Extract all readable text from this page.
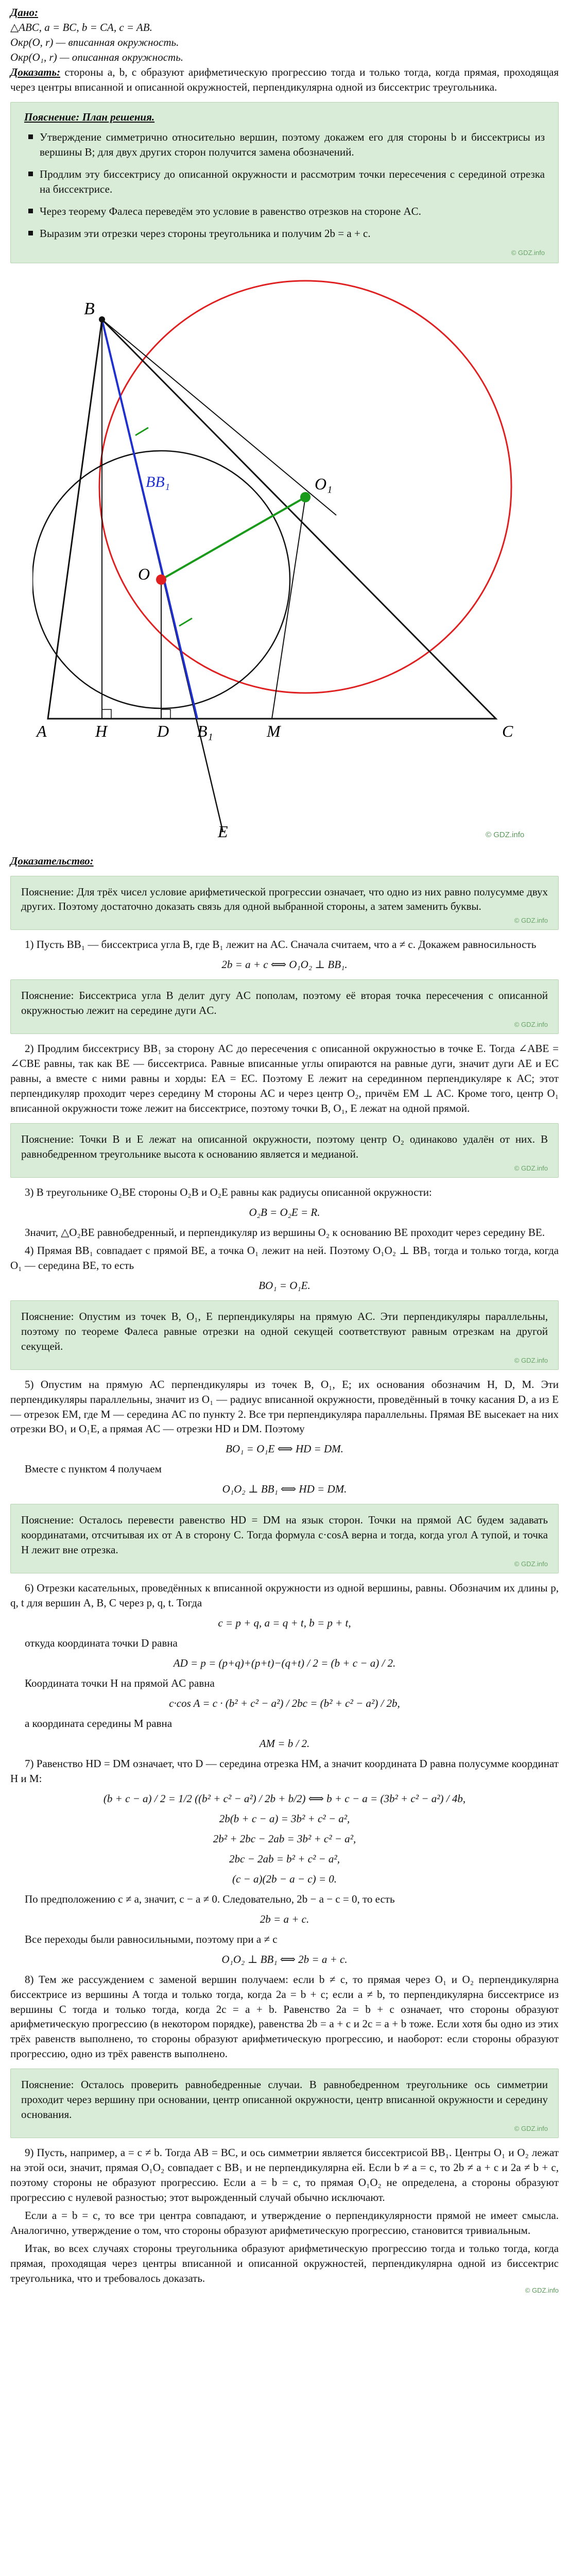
Дано:

△ABC, a = BC, b = CA, c = AB.

Окр(O, r) — вписанная окружность.

Окр(O₁, r) — описанная окружность.

Доказать: стороны a, b, c образуют арифметическую прогрессию тогда и только тогда, когда прямая, проходящая через центры вписанной и описанной окружностей, перпендикулярна одной из биссектрис треугольника.

Пояснение: План решения.
Утверждение симметрично относительно вершин, поэтому докажем его для стороны b и биссектрисы из вершины B; для двух других сторон получится замена обозначений.
Продлим эту биссектрису до описанной окружности и рассмотрим точки пересечения с серединой отрезка на биссектрисе.
Через теорему Фалеса переведём это условие в равенство отрезков на стороне AC.
Выразим эти отрезки через стороны треугольника и получим 2b = a + c.
© GDZ.info
B
O₁
O
BB₁
A	H	D B₁	M	C
E	© GDZ.info

Доказательство:

Пояснение: Для трёх чисел условие арифметической прогрессии означает, что одно из них равно полусумме двух других. Поэтому достаточно доказать связь для одной выбранной стороны, а затем заменить буквы.

© GDZ.info

1) Пусть BB₁ — биссектриса угла B, где B₁ лежит на AC. Сначала считаем, что a ≠ c. Докажем равносильность

2b = a + c ⟺ O₁O₂ ⊥ BB₁.

Пояснение: Биссектриса угла B делит дугу AC пополам, поэтому её вторая точка пересечения с описанной окружностью лежит на середине дуги AC.

© GDZ.info

2) Продлим биссектрису BB₁ за сторону AC до пересечения с описанной окружностью в точке E. Тогда ∠ABE = ∠CBE равны, так как BE — биссектриса. Равные вписанные углы опираются на равные дуги, значит дуги AE и EC равны, а вместе с ними равны и хорды: EA = EC. Поэтому E лежит на серединном перпендикуляре к AC; этот перпендикуляр проходит через середину M стороны AC и через центр O₂, причём EM ⊥ AC. Кроме того, центр O₁ вписанной окружности тоже лежит на биссектрисе, поэтому точки B, O₁, E лежат на одной прямой.

Пояснение: Точки B и E лежат на описанной окружности, поэтому центр O₂ одинаково удалён от них. В равнобедренном треугольнике высота к основанию является и медианой.

© GDZ.info

3) В треугольнике O₂BE стороны O₂B и O₂E равны как радиусы описанной окружности:

O₂B = O₂E = R.

Значит, △O₂BE равнобедренный, и перпендикуляр из вершины O₂ к основанию BE проходит через середину BE.

4) Прямая BB₁ совпадает с прямой BE, а точка O₁ лежит на ней. Поэтому O₁O₂ ⊥ BB₁ тогда и только тогда, когда O₁ — середина BE, то есть

BO₁ = O₁E.

Пояснение: Опустим из точек B, O₁, E перпендикуляры на прямую AC. Эти перпендикуляры параллельны, поэтому по теореме Фалеса равные отрезки на одной секущей соответствуют равным отрезкам на другой секущей.

© GDZ.info

5) Опустим на прямую AC перпендикуляры из точек B, O₁, E; их основания обозначим H, D, M. Эти перпендикуляры параллельны, значит из O₁ — радиус вписанной окружности, проведённый в точку касания D, а из E — отрезок EM, где M — середина AC по пункту 2. Все три перпендикуляра параллельны. Прямая BE высекает на них отрезки BO₁ и O₁E, а прямая AC — отрезки HD и DM. Поэтому

BO₁ = O₁E ⟺ HD = DM.

Вместе с пунктом 4 получаем

O₁O₂ ⊥ BB₁ ⟺ HD = DM.

Пояснение: Осталось перевести равенство HD = DM на язык сторон. Точки на прямой AC будем задавать координатами, отсчитывая их от A в сторону C. Тогда формула c·cosA верна и тогда, когда угол A тупой, и точка H лежит вне отрезка.

© GDZ.info

6) Отрезки касательных, проведённых к вписанной окружности из одной вершины, равны. Обозначим их длины p, q, t для вершин A, B, C через p, q, t. Тогда

c = p + q, a = q + t, b = p + t,

откуда координата точки D равна

AD = p = (p+q)+(p+t)−(q+t) / 2 = (b + c − a) / 2.

Координата точки H на прямой AC равна

c·cos A = c · (b² + c² − a²) / 2bc = (b² + c² − a²) / 2b,

а координата середины M равна

AM = b / 2.

7) Равенство HD = DM означает, что D — середина отрезка HM, а значит координата D равна полусумме координат H и M:

(b + c − a) / 2 = 1/2 ((b² + c² − a²) / 2b + b/2) ⟺ b + c − a = (3b² + c² − a²) / 4b,
2b(b + c − a) = 3b² + c² − a²,
2b² + 2bc − 2ab = 3b² + c² − a²,
2bc − 2ab = b² + c² − a²,
(c − a)(2b − a − c) = 0.

По предположению c ≠ a, значит, c − a ≠ 0. Следовательно, 2b − a − c = 0, то есть

2b = a + c.

Все переходы были равносильными, поэтому при a ≠ c

O₁O₂ ⊥ BB₁ ⟺ 2b = a + c.

8) Тем же рассуждением с заменой вершин получаем: если b ≠ c, то прямая через O₁ и O₂ перпендикулярна биссектрисе из вершины A тогда и только тогда, когда 2a = b + c; если a ≠ b, то перпендикулярна биссектрисе из вершины C тогда и только тогда, когда 2c = a + b. Равенство 2a = b + c означает, что стороны образуют арифметическую прогрессию (в некотором порядке), равенства 2b = a + c и 2c = a + b тоже. Если хотя бы одно из этих трёх равенств выполнено, то стороны образуют арифметическую прогрессию, и наоборот: если стороны образуют прогрессию, одно из трёх равенств выполнено.

Пояснение: Осталось проверить равнобедренные случаи. В равнобедренном треугольнике ось симметрии проходит через вершину при основании, центр описанной окружности, центр вписанной окружности и середину основания.

© GDZ.info

9) Пусть, например, a = c ≠ b. Тогда AB = BC, и ось симметрии является биссектрисой BB₁. Центры O₁ и O₂ лежат на этой оси, значит, прямая O₁O₂ совпадает с BB₁ и не перпендикулярна ей. Если b ≠ a = c, то 2b ≠ a + c и 2a ≠ b + c, поэтому стороны не образуют прогрессию. Если a = b = c, то прямая O₁O₂ не определена, а стороны образуют прогрессию с нулевой разностью; этот вырожденный случай обычно исключают.

Если a = b = c, то все три центра совпадают, и утверждение о перпендикулярности прямой не имеет смысла. Аналогично, утверждение о том, что стороны образуют арифметическую прогрессию, становится тривиальным.

Итак, во всех случаях стороны треугольника образуют арифметическую прогрессию тогда и только тогда, когда прямая, проходящая через центры вписанной и описанной окружностей, перпендикулярна одной из биссектрис треугольника, что и требовалось доказать.

© GDZ.info
